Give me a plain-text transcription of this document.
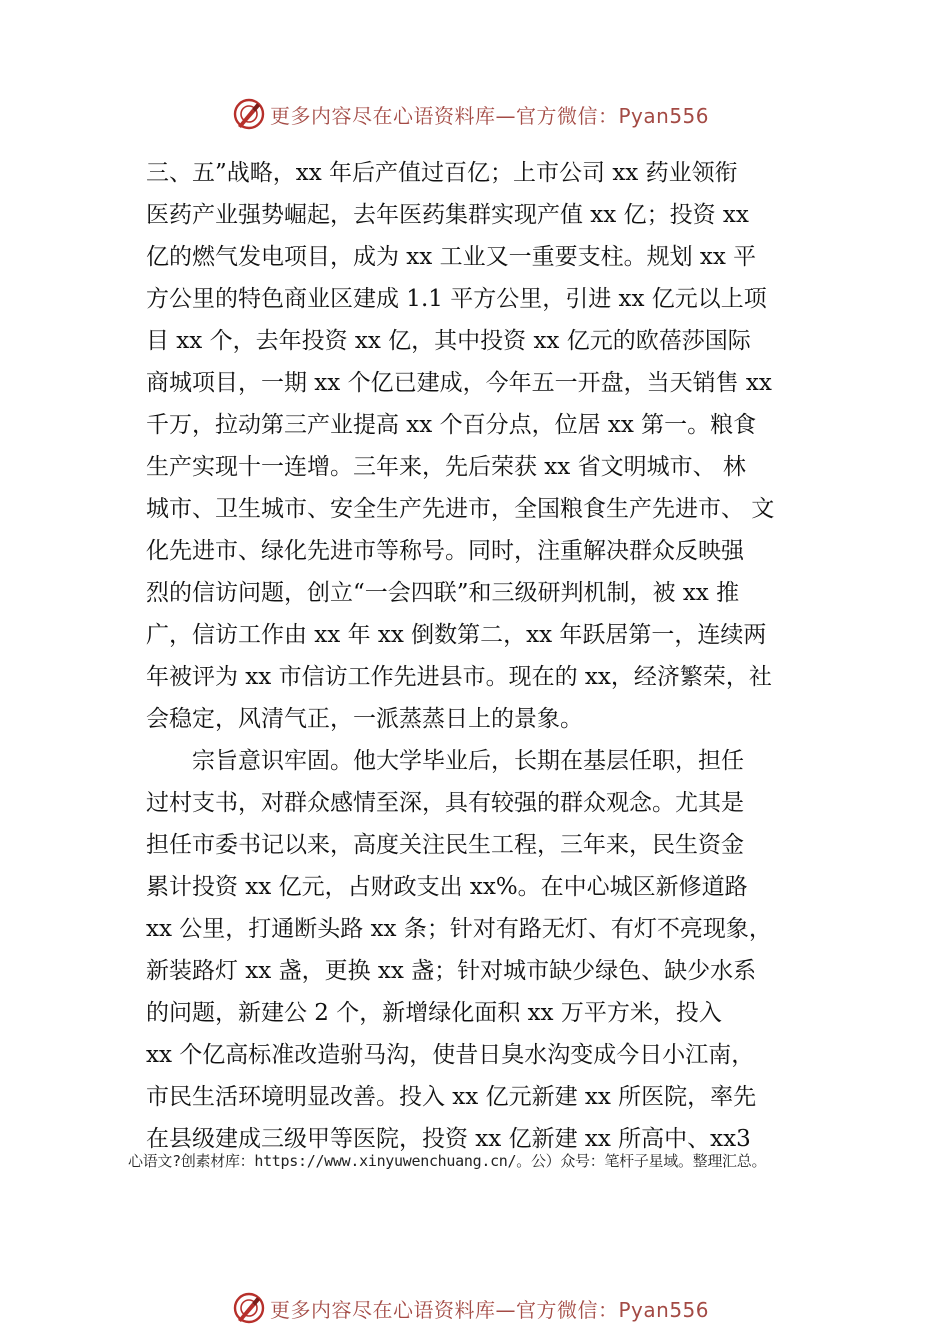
更多内容尽在心语资料库—官方微信：Pyan556

三、五”战略，xx 年后产值过百亿；上市公司 xx 药业领衔
医药产业强势崛起，去年医药集群实现产值 xx 亿；投资 xx
亿的燃气发电项目，成为 xx 工业又一重要支柱。规划 xx 平
方公里的特色商业区建成 1.1 平方公里，引进 xx 亿元以上项
目 xx 个，去年投资 xx 亿，其中投资 xx 亿元的欧蓓莎国际
商城项目，一期 xx 个亿已建成，今年五一开盘，当天销售 xx
千万，拉动第三产业提高 xx 个百分点，位居 xx 第一。粮食
生产实现十一连增。三年来，先后荣获 xx 省文明城市、 林
城市、卫生城市、安全生产先进市，全国粮食生产先进市、 文
化先进市、绿化先进市等称号。同时，注重解决群众反映强
烈的信访问题，创立“一会四联”和三级研判机制，被 xx 推
广，信访工作由 xx 年 xx 倒数第二，xx 年跃居第一，连续两
年被评为 xx 市信访工作先进县市。现在的 xx，经济繁荣，社
会稳定，风清气正，一派蒸蒸日上的景象。

宗旨意识牢固。他大学毕业后，长期在基层任职，担任
过村支书，对群众感情至深，具有较强的群众观念。尤其是
担任市委书记以来，高度关注民生工程，三年来，民生资金
累计投资 xx 亿元，占财政支出 xx%。在中心城区新修道路
xx 公里，打通断头路 xx 条；针对有路无灯、有灯不亮现象，
新装路灯 xx 盏，更换 xx 盏；针对城市缺少绿色、缺少水系
的问题，新建公 2 个，新增绿化面积 xx 万平方米，投入
xx 个亿高标准改造驸马沟，使昔日臭水沟变成今日小江南，
市民生活环境明显改善。投入 xx 亿元新建 xx 所医院，率先
在县级建成三级甲等医院，投资 xx 亿新建 xx 所高中、xx3

心语文?创素材库：https://www.xinyuwenchuang.cn/。公）众号：笔杆子星域。整理汇总。
更多内容尽在心语资料库—官方微信：Pyan556
